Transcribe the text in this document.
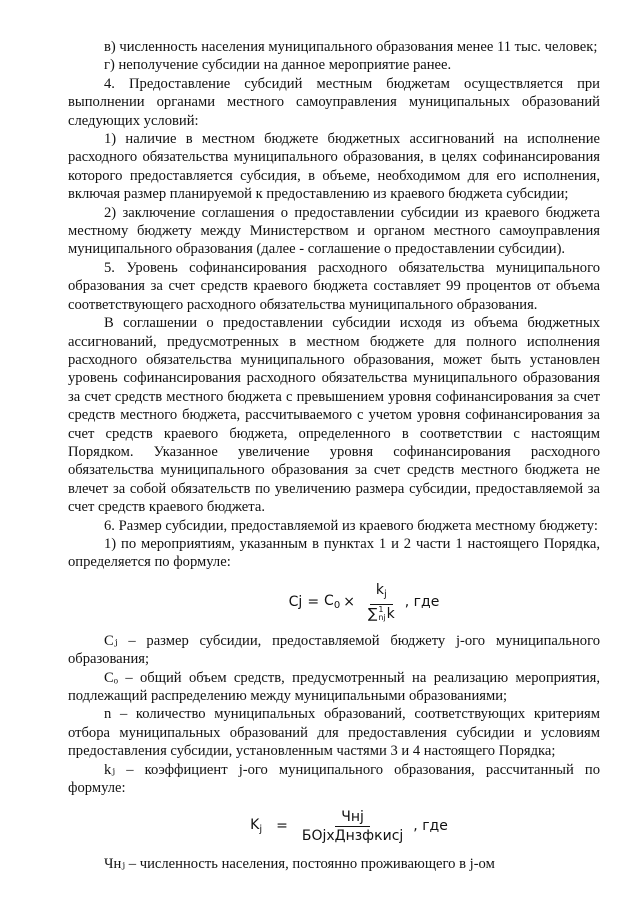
в) численность населения муниципального образования менее 11 тыс. человек;

г) неполучение субсидии на данное мероприятие ранее.

4. Предоставление субсидий местным бюджетам осуществляется при выполнении органами местного самоуправления муниципальных образований следующих условий:

1) наличие в местном бюджете бюджетных ассигнований на исполнение расходного обязательства муниципального образования, в целях софинансирования которого предоставляется субсидия, в объеме, необходимом для его исполнения, включая размер планируемой к предоставлению из краевого бюджета субсидии;

2) заключение соглашения о предоставлении субсидии из краевого бюджета местному бюджету между Министерством и органом местного самоуправления муниципального образования (далее - соглашение о предоставлении субсидии).

5. Уровень софинансирования расходного обязательства муниципального образования за счет средств краевого бюджета составляет 99 процентов от объема соответствующего расходного обязательства муниципального образования.

В соглашении о предоставлении субсидии исходя из объема бюджетных ассигнований, предусмотренных в местном бюджете для полного исполнения расходного обязательства муниципального образования, может быть установлен уровень софинансирования расходного обязательства муниципального образования за счет средств местного бюджета с превышением уровня софинансирования за счет средств местного бюджета, рассчитываемого с учетом уровня софинансирования за счет средств краевого бюджета, определенного в соответствии с настоящим Порядком. Указанное увеличение уровня софинансирования расходного обязательства муниципального образования за счет средств местного бюджета не влечет за собой обязательств по увеличению размера субсидии, предоставляемой за счет средств краевого бюджета.

6. Размер субсидии, предоставляемой из краевого бюджета местному бюджету:

1) по мероприятиям, указанным в пунктах 1 и 2 части 1 настоящего Порядка, определяется по формуле:

$Cj = C_0 \times k_j$
∑ 1
nj k , где

Cⱼ – размер субсидии, предоставляемой бюджету j-ого муниципального образования;

Cₒ – общий объем средств, предусмотренный на реализацию мероприятия, подлежащий распределению между муниципальными образованиями;

n – количество муниципальных образований, соответствующих критериям отбора муниципальных образований для предоставления субсидии и условиям предоставления субсидии, установленным частями 3 и 4 настоящего Порядка;

kⱼ – коэффициент j-ого муниципального образования, рассчитанный по формуле:

$K_j = \frac{\text{Чнj}}{\text{БОjхДнзфкисj}}$ , где

Чнⱼ – численность населения, постоянно проживающего в j-ом
